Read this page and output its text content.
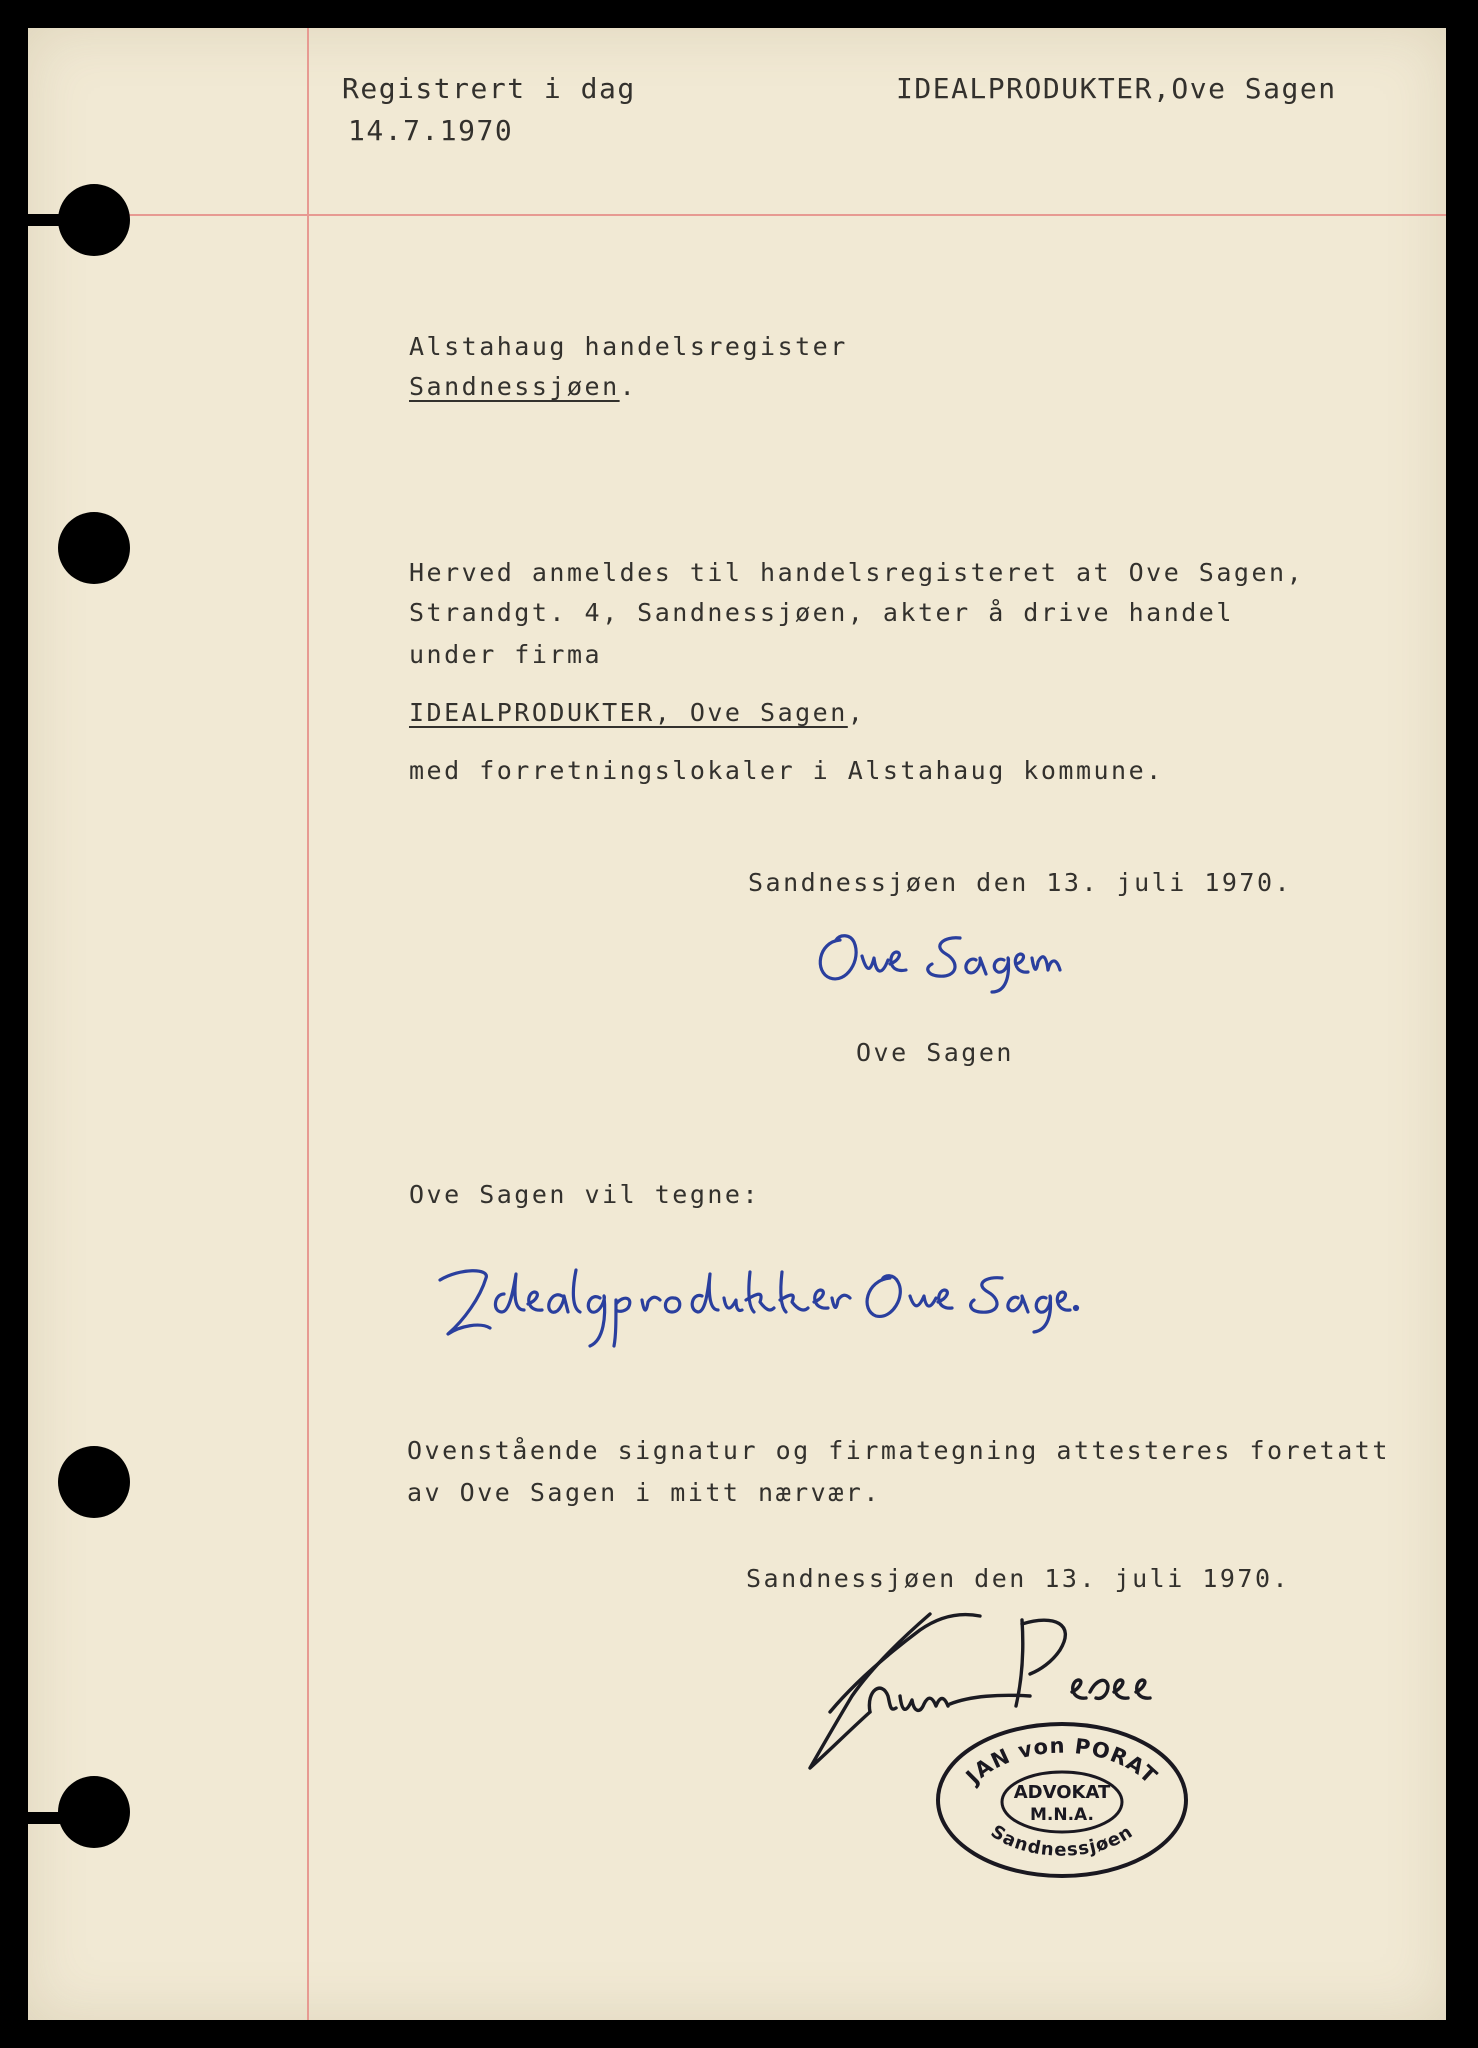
Registrert i dag
14.7.1970
IDEALPRODUKTER,Ove Sagen
Alstahaug handelsregister
Sandnessjøen.
Herved anmeldes til handelsregisteret at Ove Sagen,
Strandgt. 4, Sandnessjøen, akter å drive handel
under firma
IDEALPRODUKTER, Ove Sagen,
med forretningslokaler i Alstahaug kommune.
Sandnessjøen den 13. juli 1970.
Ove Sagen
Ove Sagen vil tegne:
Ovenstående signatur og firmategning attesteres foretatt
av Ove Sagen i mitt nærvær.
Sandnessjøen den 13. juli 1970.
JAN von PORAT
ADVOKAT
M.N.A.
Sandnessjøen
